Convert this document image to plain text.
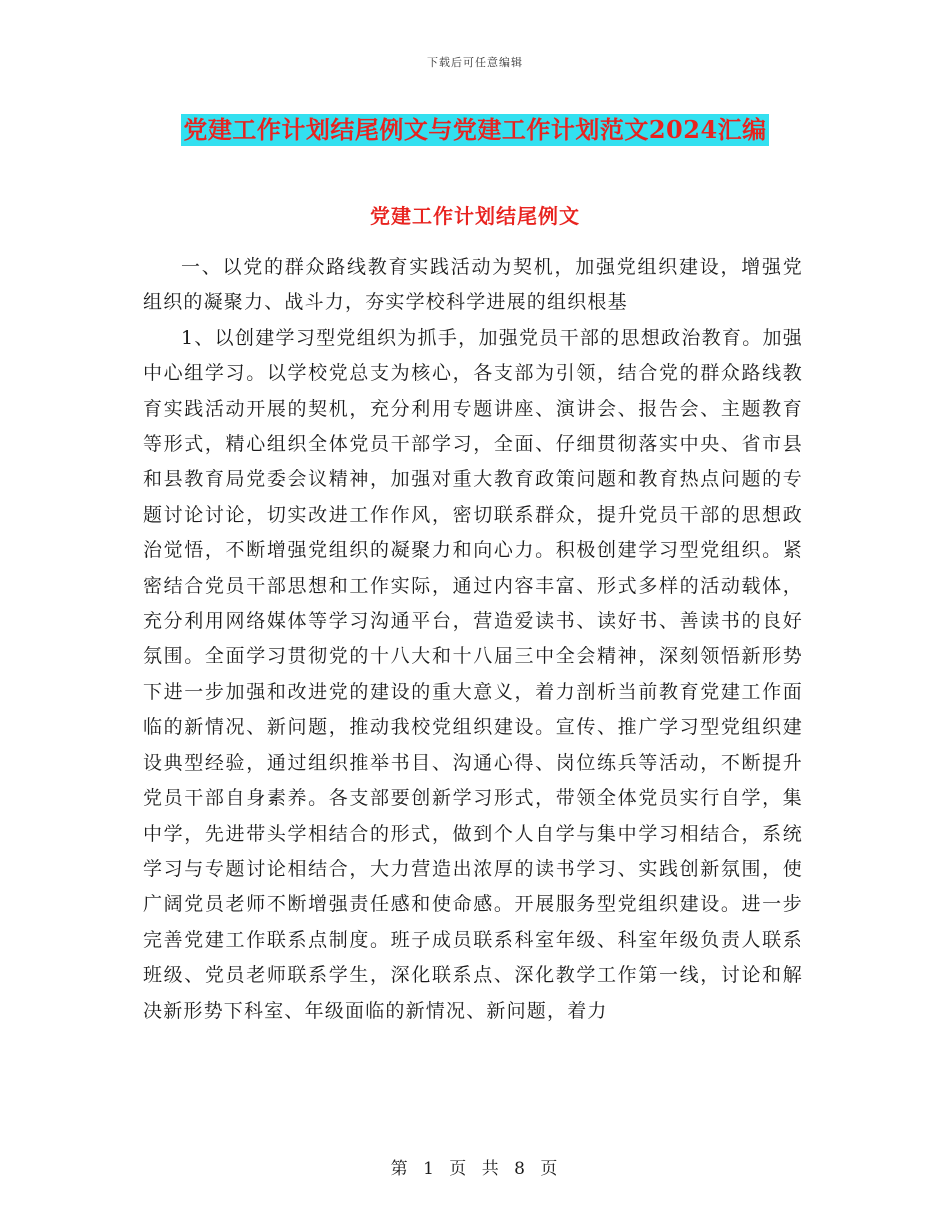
下载后可任意编辑
党建工作计划结尾例文与党建工作计划范文2024汇编
党建工作计划结尾例文

一、以党的群众路线教育实践活动为契机，加强党组织建设，增强党组织的凝聚力、战斗力，夯实学校科学进展的组织根基

1、以创建学习型党组织为抓手，加强党员干部的思想政治教育。加强中心组学习。以学校党总支为核心，各支部为引领，结合党的群众路线教育实践活动开展的契机，充分利用专题讲座、演讲会、报告会、主题教育等形式，精心组织全体党员干部学习，全面、仔细贯彻落实中央、省市县和县教育局党委会议精神，加强对重大教育政策问题和教育热点问题的专题讨论讨论，切实改进工作作风，密切联系群众，提升党员干部的思想政治觉悟，不断增强党组织的凝聚力和向心力。积极创建学习型党组织。紧密结合党员干部思想和工作实际，通过内容丰富、形式多样的活动载体，充分利用网络媒体等学习沟通平台，营造爱读书、读好书、善读书的良好氛围。全面学习贯彻党的十八大和十八届三中全会精神，深刻领悟新形势下进一步加强和改进党的建设的重大意义，着力剖析当前教育党建工作面临的新情况、新问题，推动我校党组织建设。宣传、推广学习型党组织建设典型经验，通过组织推举书目、沟通心得、岗位练兵等活动，不断提升党员干部自身素养。各支部要创新学习形式，带领全体党员实行自学，集中学，先进带头学相结合的形式，做到个人自学与集中学习相结合，系统学习与专题讨论相结合，大力营造出浓厚的读书学习、实践创新氛围，使广阔党员老师不断增强责任感和使命感。开展服务型党组织建设。进一步完善党建工作联系点制度。班子成员联系科室年级、科室年级负责人联系班级、党员老师联系学生，深化联系点、深化教学工作第一线，讨论和解决新形势下科室、年级面临的新情况、新问题，着力

第 1 页 共 8 页
